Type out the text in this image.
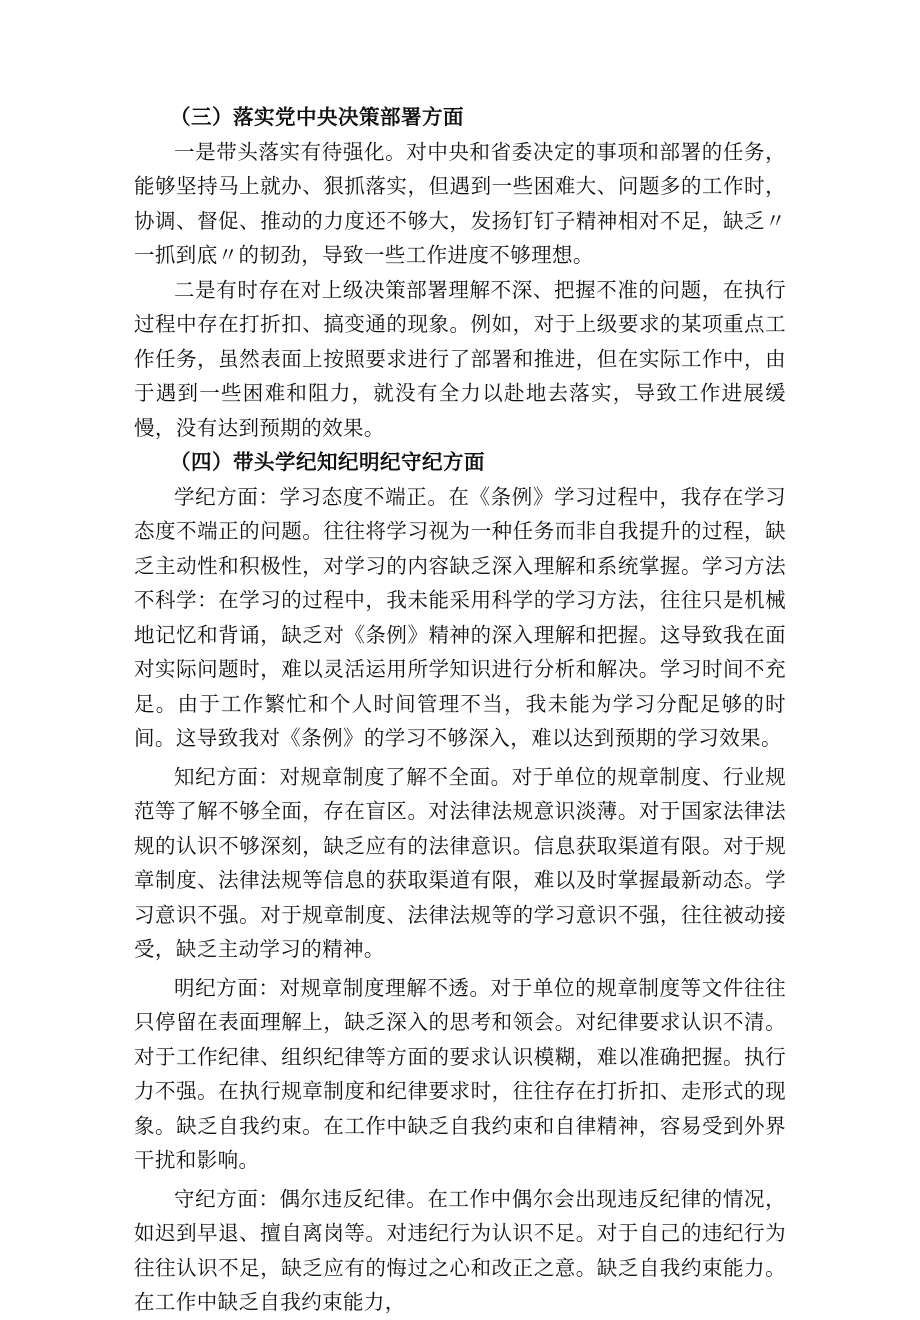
（三）落实党中央决策部署方面

一是带头落实有待强化。对中央和省委决定的事项和部署的任务，能够坚持马上就办、狠抓落实，但遇到一些困难大、问题多的工作时，协调、督促、推动的力度还不够大，发扬钉钉子精神相对不足，缺乏〃一抓到底〃的韧劲，导致一些工作进度不够理想。

二是有时存在对上级决策部署理解不深、把握不准的问题，在执行过程中存在打折扣、搞变通的现象。例如，对于上级要求的某项重点工作任务，虽然表面上按照要求进行了部署和推进，但在实际工作中，由于遇到一些困难和阻力，就没有全力以赴地去落实，导致工作进展缓慢，没有达到预期的效果。

（四）带头学纪知纪明纪守纪方面

学纪方面：学习态度不端正。在《条例》学习过程中，我存在学习态度不端正的问题。往往将学习视为一种任务而非自我提升的过程，缺乏主动性和积极性，对学习的内容缺乏深入理解和系统掌握。学习方法不科学：在学习的过程中，我未能采用科学的学习方法，往往只是机械地记忆和背诵，缺乏对《条例》精神的深入理解和把握。这导致我在面对实际问题时，难以灵活运用所学知识进行分析和解决。学习时间不充足。由于工作繁忙和个人时间管理不当，我未能为学习分配足够的时间。这导致我对《条例》的学习不够深入，难以达到预期的学习效果。

知纪方面：对规章制度了解不全面。对于单位的规章制度、行业规范等了解不够全面，存在盲区。对法律法规意识淡薄。对于国家法律法规的认识不够深刻，缺乏应有的法律意识。信息获取渠道有限。对于规章制度、法律法规等信息的获取渠道有限，难以及时掌握最新动态。学习意识不强。对于规章制度、法律法规等的学习意识不强，往往被动接受，缺乏主动学习的精神。

明纪方面：对规章制度理解不透。对于单位的规章制度等文件往往只停留在表面理解上，缺乏深入的思考和领会。对纪律要求认识不清。对于工作纪律、组织纪律等方面的要求认识模糊，难以准确把握。执行力不强。在执行规章制度和纪律要求时，往往存在打折扣、走形式的现象。缺乏自我约束。在工作中缺乏自我约束和自律精神，容易受到外界干扰和影响。

守纪方面：偶尔违反纪律。在工作中偶尔会出现违反纪律的情况，如迟到早退、擅自离岗等。对违纪行为认识不足。对于自己的违纪行为往往认识不足，缺乏应有的悔过之心和改正之意。缺乏自我约束能力。在工作中缺乏自我约束能力，
